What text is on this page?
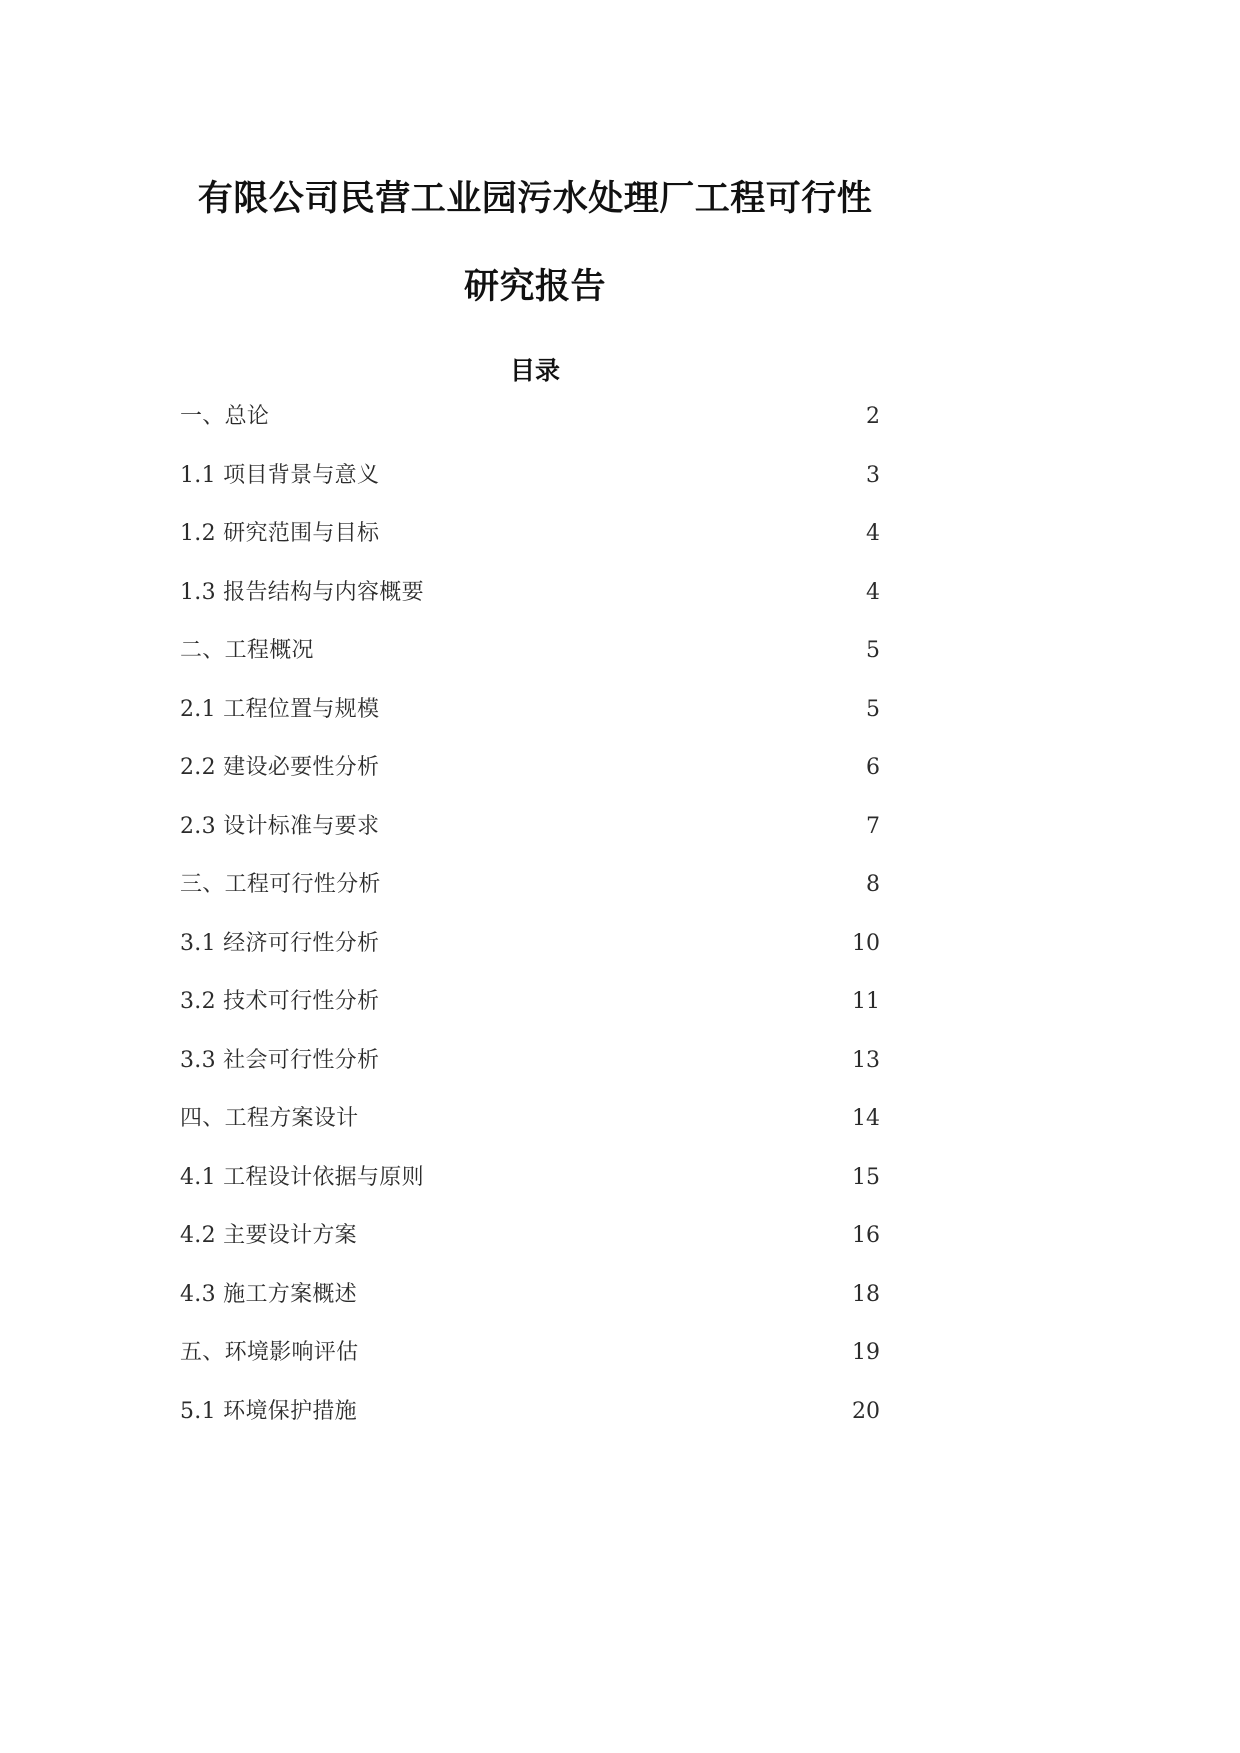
有限公司民营工业园污水处理厂工程可行性研究报告
目录
一、总论 . . .	2
1.1 项目背景与意义 . . .	3
1.2 研究范围与目标 . . .	4
1.3 报告结构与内容概要 . . .	4
二、工程概况 . . .	5
2.1 工程位置与规模 . . .	5
2.2 建设必要性分析 . . .	6
2.3 设计标准与要求 . . .	7
三、工程可行性分析 . . .	8
3.1 经济可行性分析 . . .	10
3.2 技术可行性分析 . . .	11
3.3 社会可行性分析 . . .	13
四、工程方案设计 . . .	14
4.1 工程设计依据与原则 . . .	15
4.2 主要设计方案 . . .	16
4.3 施工方案概述 . . .	18
五、环境影响评估 . . .	19
5.1 环境保护措施 . . .	20
